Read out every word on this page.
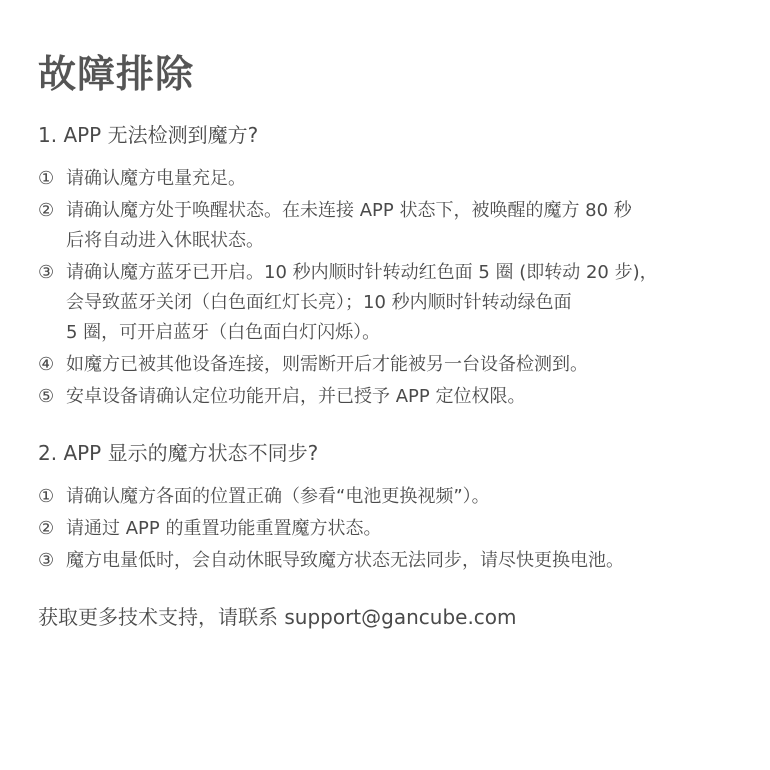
故障排除
1. APP 无法检测到魔方?
① 请确认魔方电量充足。
② 请确认魔方处于唤醒状态。在未连接 APP 状态下，被唤醒的魔方 80 秒
后将自动进入休眠状态。
③ 请确认魔方蓝牙已开启。10 秒内顺时针转动红色面 5 圈 (即转动 20 步)，
会导致蓝牙关闭（白色面红灯长亮）；10 秒内顺时针转动绿色面
5 圈，可开启蓝牙（白色面白灯闪烁）。
④ 如魔方已被其他设备连接，则需断开后才能被另一台设备检测到。
⑤ 安卓设备请确认定位功能开启，并已授予 APP 定位权限。
2. APP 显示的魔方状态不同步?
① 请确认魔方各面的位置正确（参看“电池更换视频”）。
② 请通过 APP 的重置功能重置魔方状态。
③ 魔方电量低时，会自动休眠导致魔方状态无法同步，请尽快更换电池。

获取更多技术支持，请联系 support@gancube.com
